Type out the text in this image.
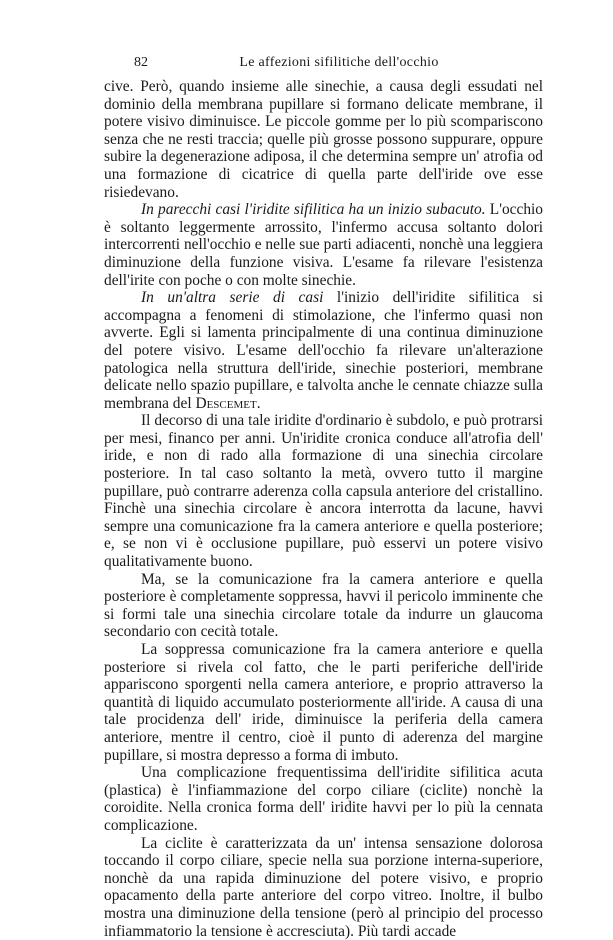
82	Le affezioni sifilitiche dell'occhio

cive. Però, quando insieme alle sinechie, a causa degli essudati nel dominio della membrana pupillare si formano delicate membrane, il potere visivo diminuisce. Le piccole gomme per lo più scompariscono senza che ne resti traccia; quelle più grosse possono suppurare, oppure subire la degenerazione adiposa, il che determina sempre un' atrofia od una formazione di cicatrice di quella parte dell'iride ove esse risiedevano.

In parecchi casi l'iridite sifilitica ha un inizio subacuto. L'occhio è soltanto leggermente arrossito, l'infermo accusa soltanto dolori intercorrenti nell'occhio e nelle sue parti adiacenti, nonchè una leggiera diminuzione della funzione visiva. L'esame fa rilevare l'esistenza dell'irite con poche o con molte sinechie.

In un'altra serie di casi l'inizio dell'iridite sifilitica si accompagna a fenomeni di stimolazione, che l'infermo quasi non avverte. Egli si lamenta principalmente di una continua diminuzione del potere visivo. L'esame dell'occhio fa rilevare un'alterazione patologica nella struttura dell'iride, sinechie posteriori, membrane delicate nello spazio pupillare, e talvolta anche le cennate chiazze sulla membrana del Descemet.

Il decorso di una tale iridite d'ordinario è subdolo, e può protrarsi per mesi, financo per anni. Un'iridite cronica conduce all'atrofia dell' iride, e non di rado alla formazione di una sinechia circolare posteriore. In tal caso soltanto la metà, ovvero tutto il margine pupillare, può contrarre aderenza colla capsula anteriore del cristallino. Finchè una sinechia circolare è ancora interrotta da lacune, havvi sempre una comunicazione fra la camera anteriore e quella posteriore; e, se non vi è occlusione pupillare, può esservi un potere visivo qualitativamente buono.

Ma, se la comunicazione fra la camera anteriore e quella posteriore è completamente soppressa, havvi il pericolo imminente che si formi tale una sinechia circolare totale da indurre un glaucoma secondario con cecità totale.

La soppressa comunicazione fra la camera anteriore e quella posteriore si rivela col fatto, che le parti periferiche dell'iride appariscono sporgenti nella camera anteriore, e proprio attraverso la quantità di liquido accumulato posteriormente all'iride. A causa di una tale procidenza dell' iride, diminuisce la periferia della camera anteriore, mentre il centro, cioè il punto di aderenza del margine pupillare, si mostra depresso a forma di imbuto.

Una complicazione frequentissima dell'iridite sifilitica acuta (plastica) è l'infiammazione del corpo ciliare (ciclite) nonchè la coroidite. Nella cronica forma dell' iridite havvi per lo più la cennata complicazione.

La ciclite è caratterizzata da un' intensa sensazione dolorosa toccando il corpo ciliare, specie nella sua porzione interna-superiore, nonchè da una rapida diminuzione del potere visivo, e proprio opacamento della parte anteriore del corpo vitreo. Inoltre, il bulbo mostra una diminuzione della tensione (però al principio del processo infiammatorio la tensione è accresciuta). Più tardi accade
